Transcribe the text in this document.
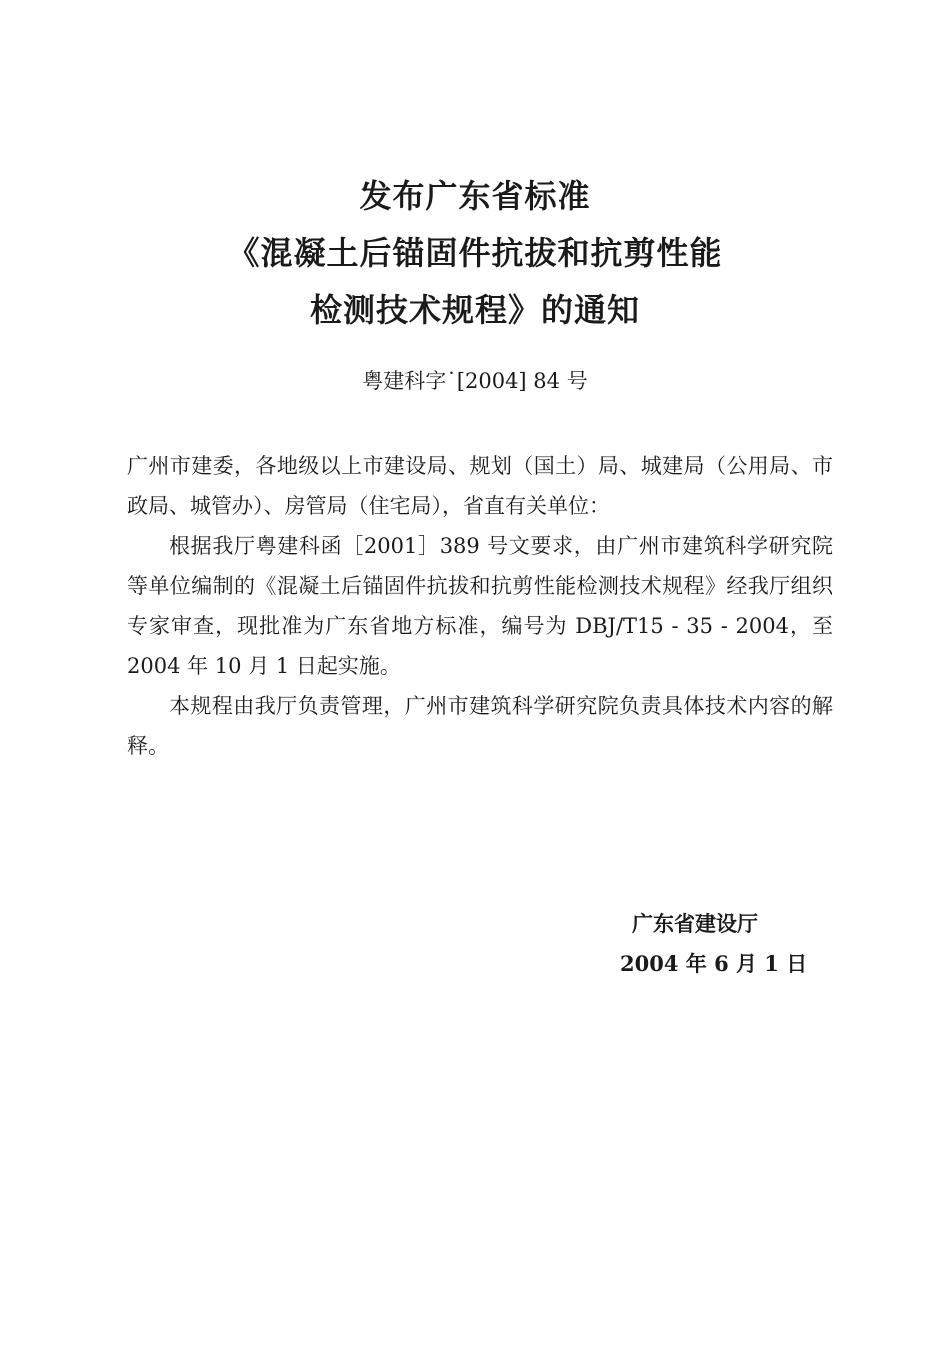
发布广东省标准
《混凝土后锚固件抗拔和抗剪性能
检测技术规程》的通知
粤建科字˙[2004] 84 号

广州市建委，各地级以上市建设局、规划（国土）局、城建局（公用局、市政局、城管办）、房管局（住宅局），省直有关单位：

根据我厅粤建科函［2001］389 号文要求，由广州市建筑科学研究院等单位编制的《混凝土后锚固件抗拔和抗剪性能检测技术规程》经我厅组织专家审查，现批准为广东省地方标准，编号为 DBJ/T15 - 35 - 2004，至 2004 年 10 月 1 日起实施。

本规程由我厅负责管理，广州市建筑科学研究院负责具体技术内容的解释。

广东省建设厅
2004 年 6 月 1 日
